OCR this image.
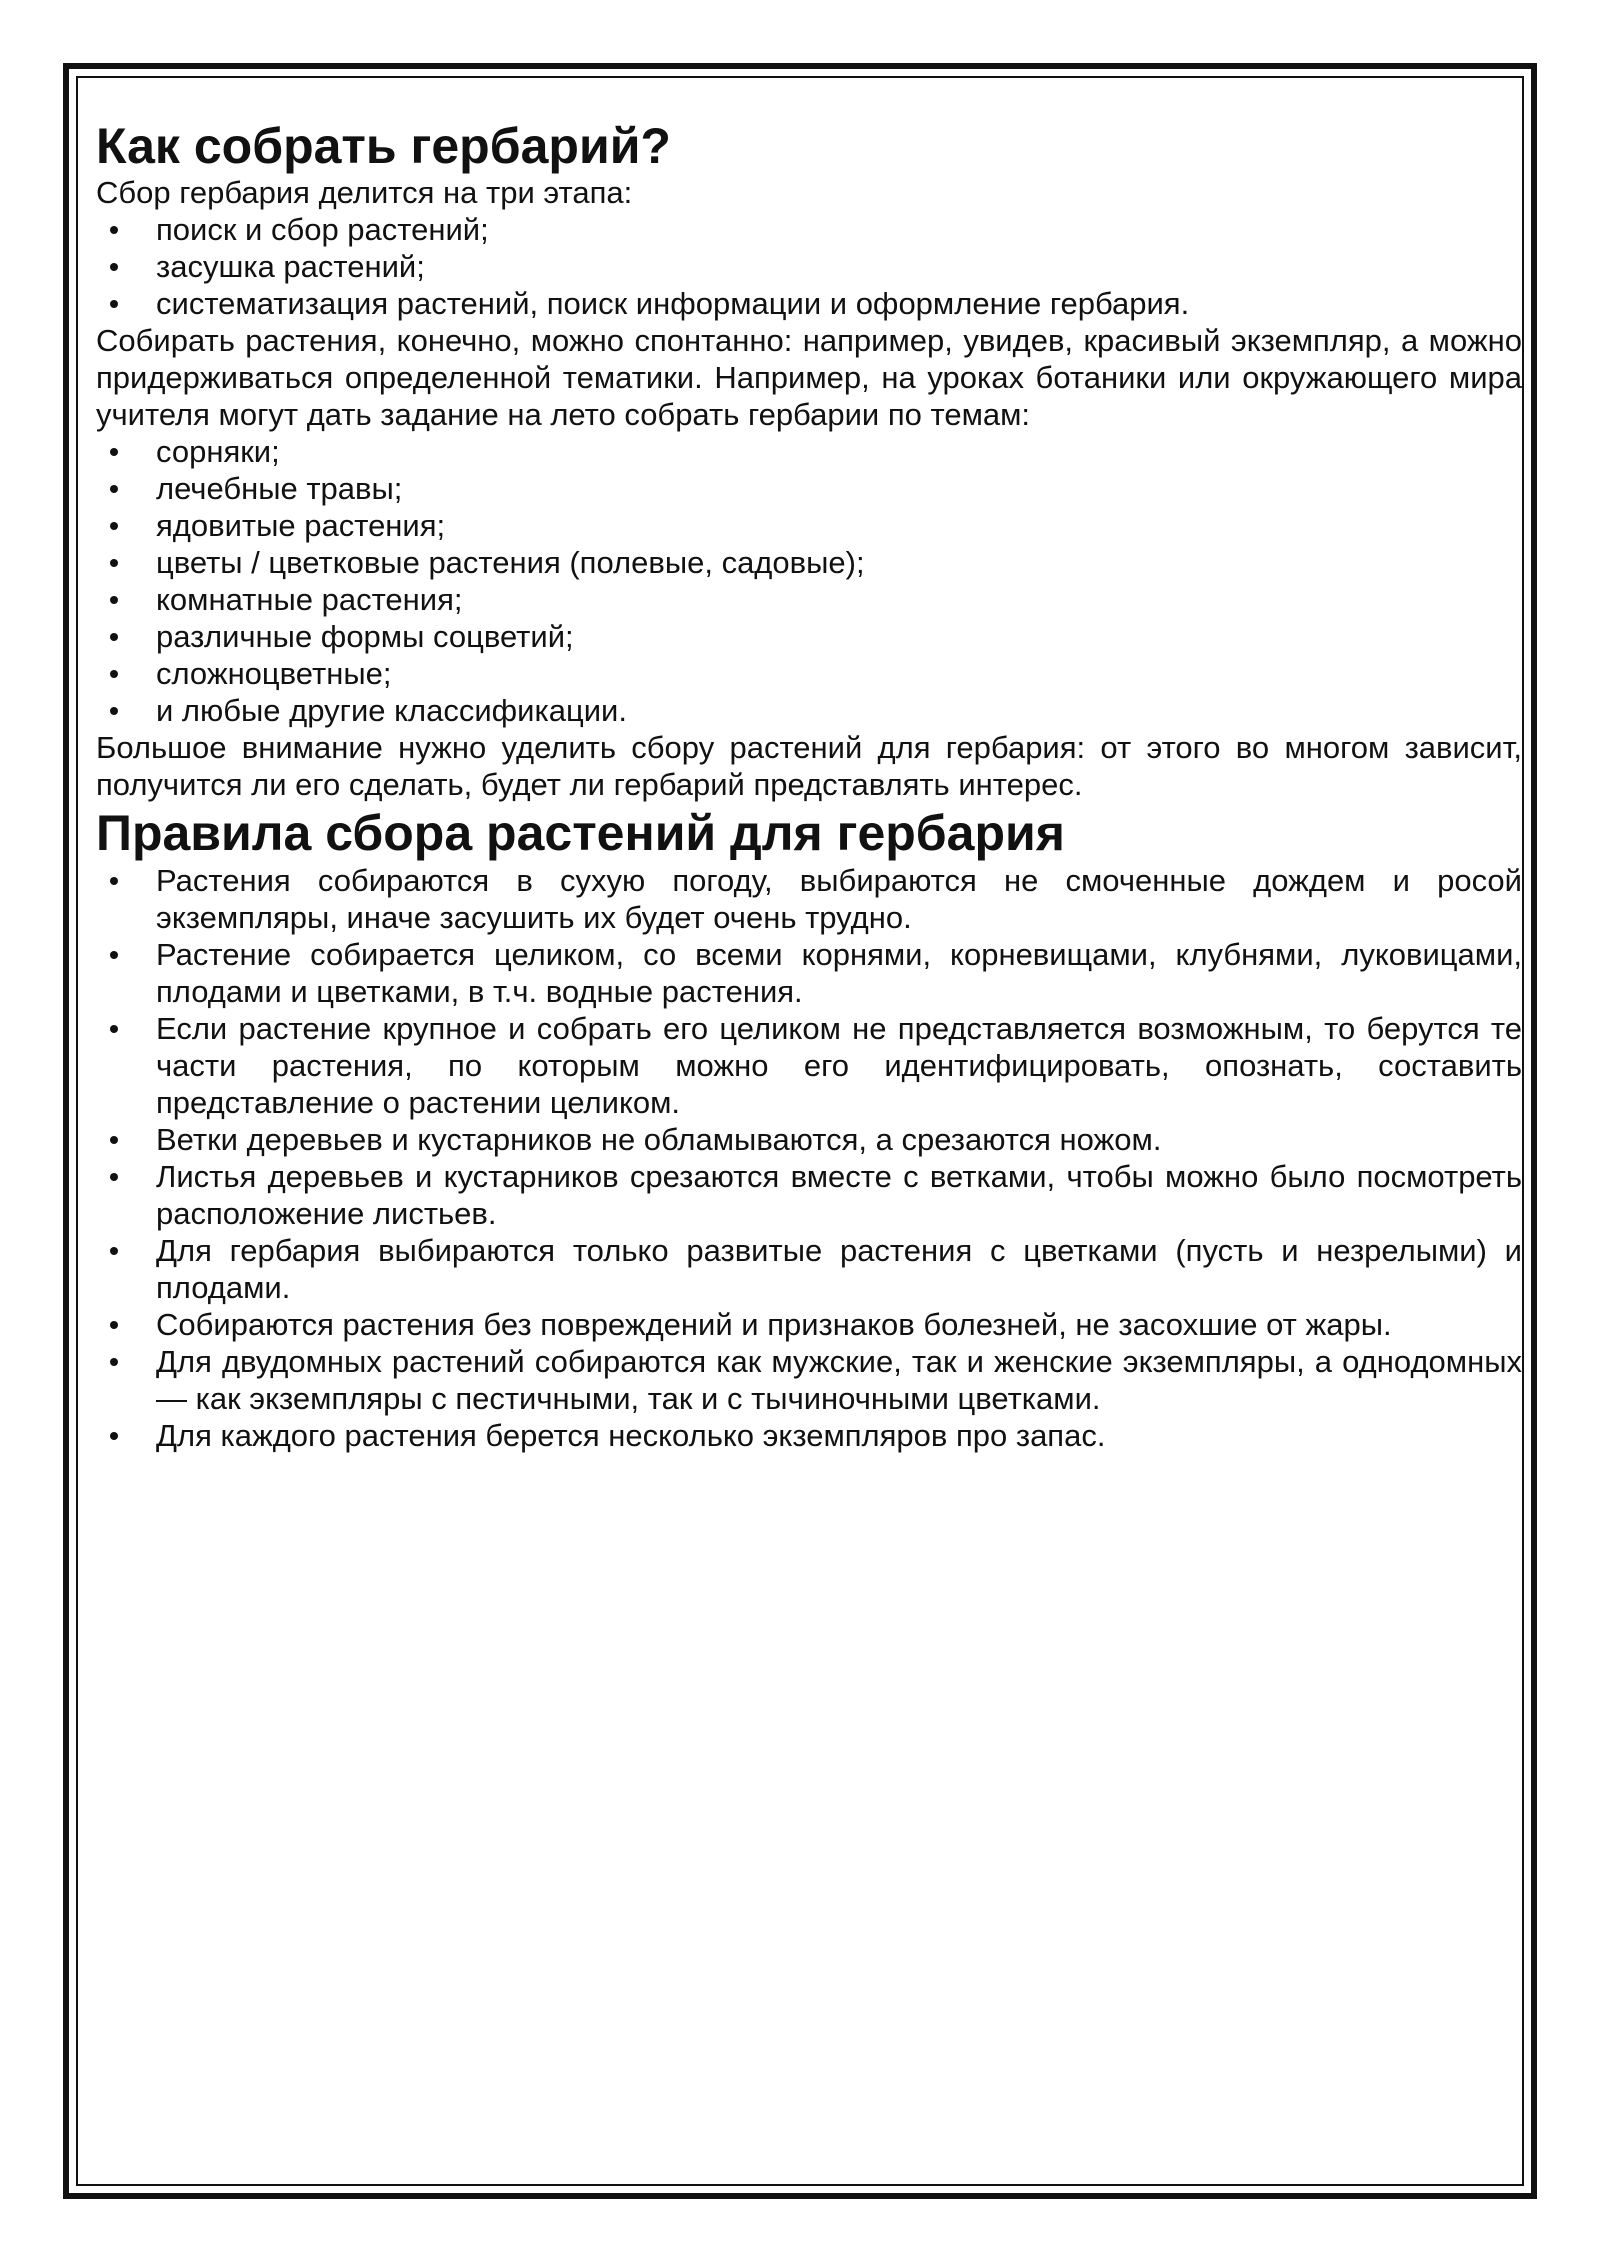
Как собрать гербарий?

Сбор гербария делится на три этапа:

поиск и сбор растений;
засушка растений;
систематизация растений, поиск информации и оформление гербария.

Собирать растения, конечно, можно спонтанно: например, увидев, красивый экземпляр, а можно придерживаться определенной тематики. Например, на уроках ботаники или окружающего мира учителя могут дать задание на лето собрать гербарии по темам:

сорняки;
лечебные травы;
ядовитые растения;
цветы / цветковые растения (полевые, садовые);
комнатные растения;
различные формы соцветий;
сложноцветные;
и любые другие классификации.

Большое внимание нужно уделить сбору растений для гербария: от этого во многом зависит, получится ли его сделать, будет ли гербарий представлять интерес.

Правила сбора растений для гербария
Растения собираются в сухую погоду, выбираются не смоченные дождем и росой экземпляры, иначе засушить их будет очень трудно.
Растение собирается целиком, со всеми корнями, корневищами, клубнями, луковицами, плодами и цветками, в т.ч. водные растения.
Если растение крупное и собрать его целиком не представляется возможным, то берутся те части растения, по которым можно его идентифицировать, опознать, составить представление о растении целиком.
Ветки деревьев и кустарников не обламываются, а срезаются ножом.
Листья деревьев и кустарников срезаются вместе с ветками, чтобы можно было посмотреть расположение листьев.
Для гербария выбираются только развитые растения с цветками (пусть и незрелыми) и плодами.
Собираются растения без повреждений и признаков болезней, не засохшие от жары.
Для двудомных растений собираются как мужские, так и женские экземпляры, а однодомных — как экземпляры с пестичными, так и с тычиночными цветками.
Для каждого растения берется несколько экземпляров про запас.
